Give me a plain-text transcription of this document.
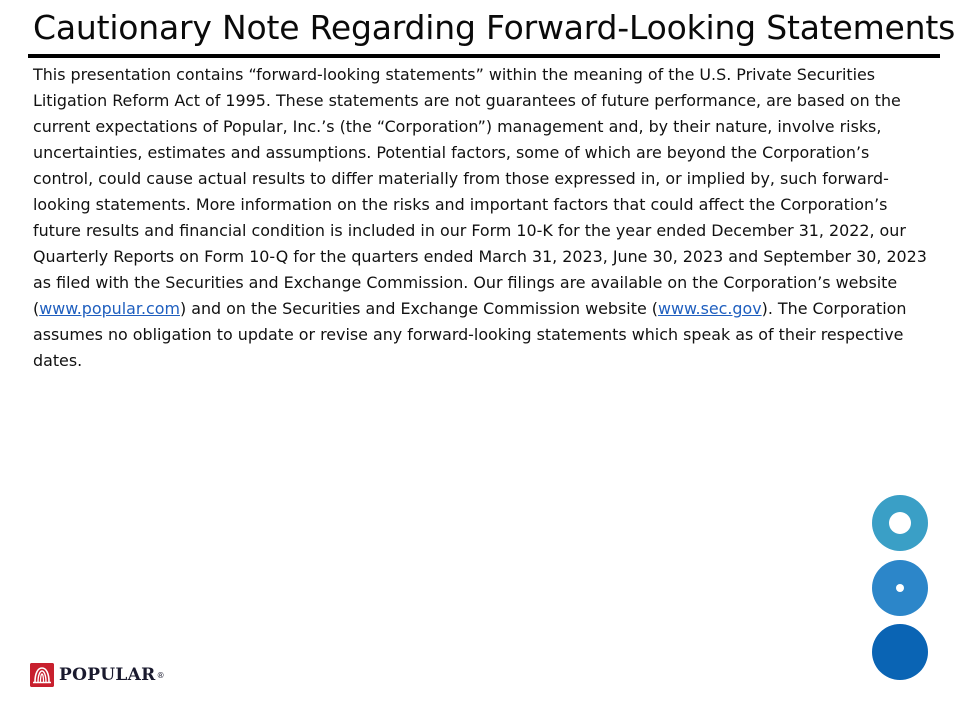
Cautionary Note Regarding Forward-Looking Statements

This presentation contains “forward-looking statements” within the meaning of the U.S. Private Securities Litigation Reform Act of 1995. These statements are not guarantees of future performance, are based on the current expectations of Popular, Inc.’s (the “Corporation”) management and, by their nature, involve risks, uncertainties, estimates and assumptions. Potential factors, some of which are beyond the Corporation’s control, could cause actual results to differ materially from those expressed in, or implied by, such forward-looking statements. More information on the risks and important factors that could affect the Corporation’s future results and financial condition is included in our Form 10-K for the year ended December 31, 2022, our Quarterly Reports on Form 10-Q for the quarters ended March 31, 2023, June 30, 2023 and September 30, 2023 as filed with the Securities and Exchange Commission. Our filings are available on the Corporation’s website (www.popular.com) and on the Securities and Exchange Commission website (www.sec.gov). The Corporation assumes no obligation to update or revise any forward-looking statements which speak as of their respective dates.

POPULAR ®
